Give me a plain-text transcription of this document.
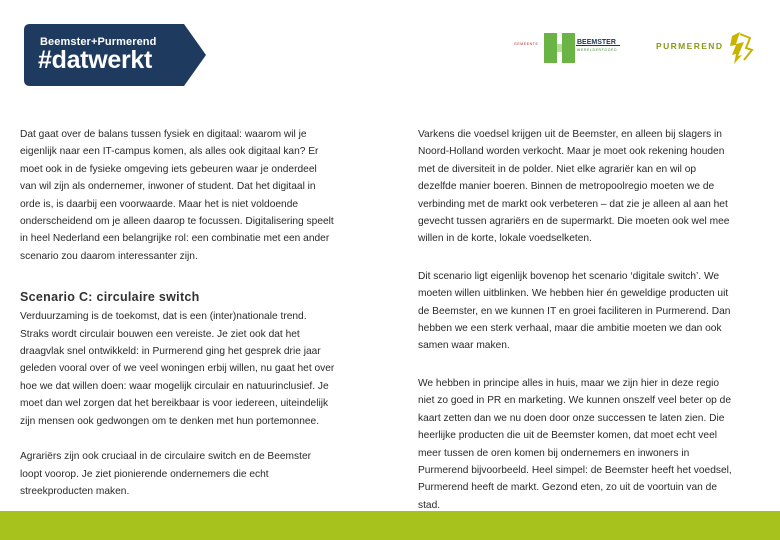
Beemster+Purmerend
#datwerkt
GEMEENTE	BEEMSTER
WERELDERFGOED	PURMEREND

Dat gaat over de balans tussen fysiek en digitaal: waarom wil je

eigenlijk naar een IT-campus komen, als alles ook digitaal kan? Er

moet ook in de fysieke omgeving iets gebeuren waar je onderdeel

van wil zijn als ondernemer, inwoner of student. Dat het digitaal in

orde is, is daarbij een voorwaarde. Maar het is niet voldoende

onderscheidend om je alleen daarop te focussen. Digitalisering speelt

in heel Nederland een belangrijke rol: een combinatie met een ander

scenario zou daarom interessanter zijn.

Scenario C: circulaire switch

Verduurzaming is de toekomst, dat is een (inter)nationale trend.

Straks wordt circulair bouwen een vereiste. Je ziet ook dat het

draagvlak snel ontwikkeld: in Purmerend ging het gesprek drie jaar

geleden vooral over of we veel woningen erbij willen, nu gaat het over

hoe we dat willen doen: waar mogelijk circulair en natuurinclusief. Je

moet dan wel zorgen dat het bereikbaar is voor iedereen, uiteindelijk

zijn mensen ook gedwongen om te denken met hun portemonnee.

Agrariërs zijn ook cruciaal in de circulaire switch en de Beemster

loopt voorop. Je ziet pionierende ondernemers die echt

streekproducten maken.

Varkens die voedsel krijgen uit de Beemster, en alleen bij slagers in

Noord-Holland worden verkocht. Maar je moet ook rekening houden

met de diversiteit in de polder. Niet elke agrariër kan en wil op

dezelfde manier boeren. Binnen de metropoolregio moeten we de

verbinding met de markt ook verbeteren – dat zie je alleen al aan het

gevecht tussen agrariërs en de supermarkt. Die moeten ook wel mee

willen in de korte, lokale voedselketen.

Dit scenario ligt eigenlijk bovenop het scenario ‘digitale switch’. We

moeten willen uitblinken. We hebben hier én geweldige producten uit

de Beemster, en we kunnen IT en groei faciliteren in Purmerend. Dan

hebben we een sterk verhaal, maar die ambitie moeten we dan ook

samen waar maken.

We hebben in principe alles in huis, maar we zijn hier in deze regio

niet zo goed in PR en marketing. We kunnen onszelf veel beter op de

kaart zetten dan we nu doen door onze successen te laten zien. Die

heerlijke producten die uit de Beemster komen, dat moet echt veel

meer tussen de oren komen bij ondernemers en inwoners in

Purmerend bijvoorbeeld. Heel simpel: de Beemster heeft het voedsel,

Purmerend heeft de markt. Gezond eten, zo uit de voortuin van de

stad.
